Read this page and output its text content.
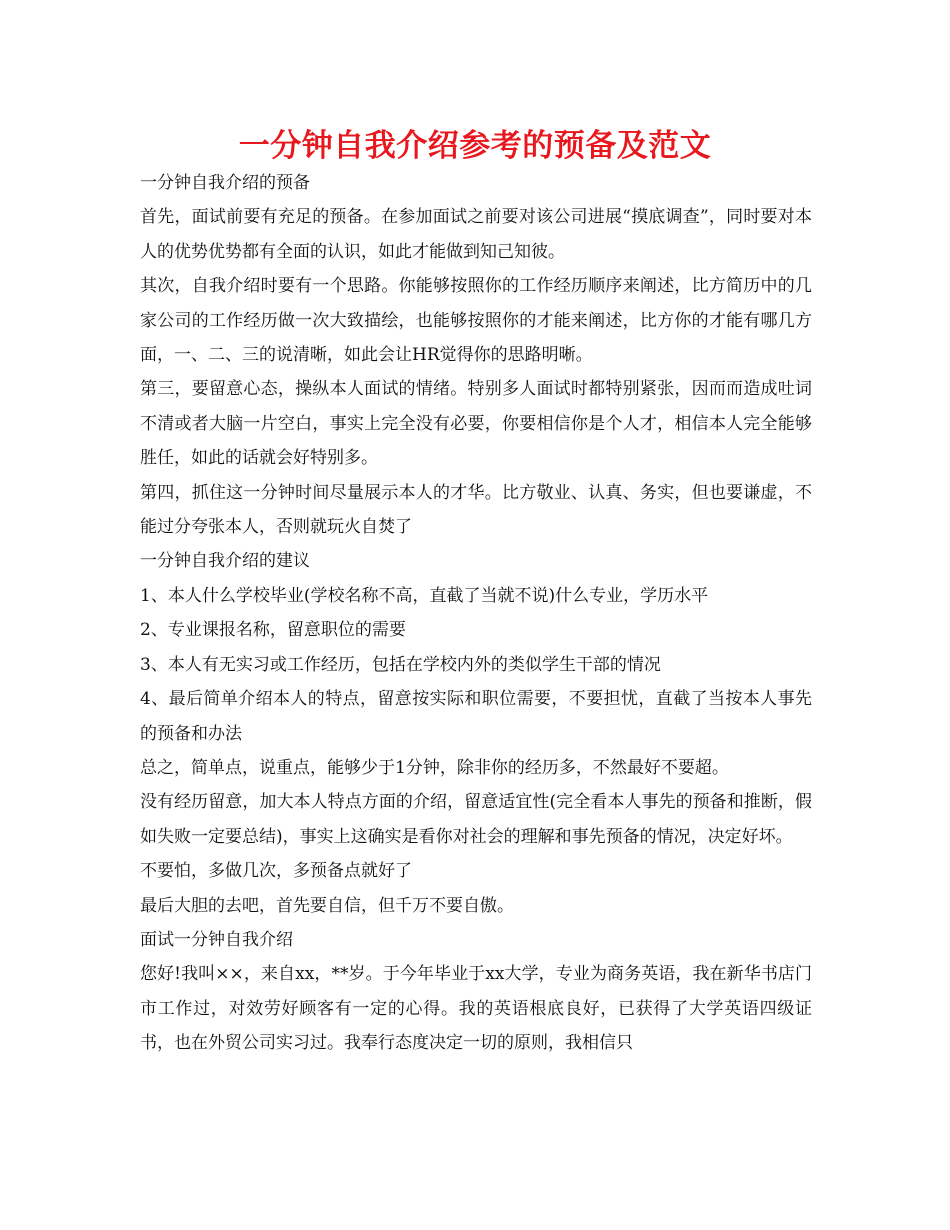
一分钟自我介绍参考的预备及范文

一分钟自我介绍的预备

首先，面试前要有充足的预备。在参加面试之前要对该公司进展“摸底调查”，同时要对本人的优势优势都有全面的认识，如此才能做到知己知彼。

其次，自我介绍时要有一个思路。你能够按照你的工作经历顺序来阐述，比方简历中的几家公司的工作经历做一次大致描绘，也能够按照你的才能来阐述，比方你的才能有哪几方面，一、二、三的说清晰，如此会让HR觉得你的思路明晰。

第三，要留意心态，操纵本人面试的情绪。特别多人面试时都特别紧张，因而而造成吐词不清或者大脑一片空白，事实上完全没有必要，你要相信你是个人才，相信本人完全能够胜任，如此的话就会好特别多。

第四，抓住这一分钟时间尽量展示本人的才华。比方敬业、认真、务实，但也要谦虚，不能过分夸张本人，否则就玩火自焚了

一分钟自我介绍的建议

1、本人什么学校毕业(学校名称不高，直截了当就不说)什么专业，学历水平

2、专业课报名称，留意职位的需要

3、本人有无实习或工作经历，包括在学校内外的类似学生干部的情况

4、最后简单介绍本人的特点，留意按实际和职位需要，不要担忧，直截了当按本人事先的预备和办法

总之，简单点，说重点，能够少于1分钟，除非你的经历多，不然最好不要超。

没有经历留意，加大本人特点方面的介绍，留意适宜性(完全看本人事先的预备和推断，假如失败一定要总结)，事实上这确实是看你对社会的理解和事先预备的情况，决定好坏。

不要怕，多做几次，多预备点就好了

最后大胆的去吧，首先要自信，但千万不要自傲。

面试一分钟自我介绍

您好!我叫××，来自xx，**岁。于今年毕业于xx大学，专业为商务英语，我在新华书店门市工作过，对效劳好顾客有一定的心得。我的英语根底良好，已获得了大学英语四级证书，也在外贸公司实习过。我奉行态度决定一切的原则，我相信只
